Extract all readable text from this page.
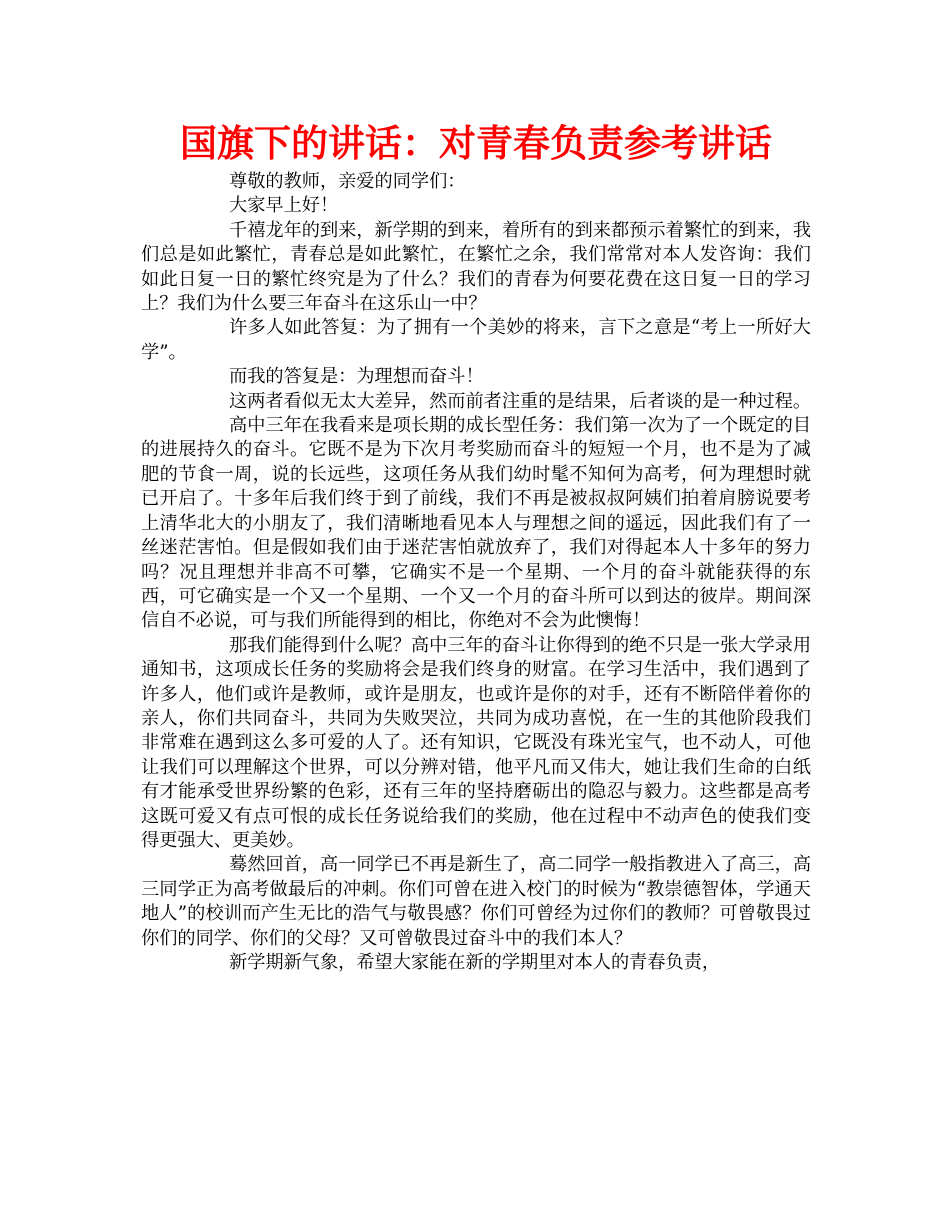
国旗下的讲话：对青春负责参考讲话

尊敬的教师，亲爱的同学们：

大家早上好！

千禧龙年的到来，新学期的到来，着所有的到来都预示着繁忙的到来，我们总是如此繁忙，青春总是如此繁忙，在繁忙之余，我们常常对本人发咨询：我们如此日复一日的繁忙终究是为了什么？我们的青春为何要花费在这日复一日的学习上？我们为什么要三年奋斗在这乐山一中？

许多人如此答复：为了拥有一个美妙的将来，言下之意是“考上一所好大学”。

而我的答复是：为理想而奋斗！

这两者看似无太大差异，然而前者注重的是结果，后者谈的是一种过程。

高中三年在我看来是项长期的成长型任务：我们第一次为了一个既定的目的进展持久的奋斗。它既不是为下次月考奖励而奋斗的短短一个月，也不是为了减肥的节食一周，说的长远些，这项任务从我们幼时髦不知何为高考，何为理想时就已开启了。十多年后我们终于到了前线，我们不再是被叔叔阿姨们拍着肩膀说要考上清华北大的小朋友了，我们清晰地看见本人与理想之间的遥远，因此我们有了一丝迷茫害怕。但是假如我们由于迷茫害怕就放弃了，我们对得起本人十多年的努力吗？况且理想并非高不可攀，它确实不是一个星期、一个月的奋斗就能获得的东西，可它确实是一个又一个星期、一个又一个月的奋斗所可以到达的彼岸。期间深信自不必说，可与我们所能得到的相比，你绝对不会为此懊悔！

那我们能得到什么呢？高中三年的奋斗让你得到的绝不只是一张大学录用通知书，这项成长任务的奖励将会是我们终身的财富。在学习生活中，我们遇到了许多人，他们或许是教师，或许是朋友，也或许是你的对手，还有不断陪伴着你的亲人，你们共同奋斗，共同为失败哭泣，共同为成功喜悦，在一生的其他阶段我们非常难在遇到这么多可爱的人了。还有知识，它既没有珠光宝气，也不动人，可他让我们可以理解这个世界，可以分辨对错，他平凡而又伟大，她让我们生命的白纸有才能承受世界纷繁的色彩，还有三年的坚持磨砺出的隐忍与毅力。这些都是高考这既可爱又有点可恨的成长任务说给我们的奖励，他在过程中不动声色的使我们变得更强大、更美妙。

蓦然回首，高一同学已不再是新生了，高二同学一般指教进入了高三，高三同学正为高考做最后的冲刺。你们可曾在进入校门的时候为“教崇德智体，学通天地人”的校训而产生无比的浩气与敬畏感？你们可曾经为过你们的教师？可曾敬畏过你们的同学、你们的父母？又可曾敬畏过奋斗中的我们本人？

新学期新气象，希望大家能在新的学期里对本人的青春负责，
